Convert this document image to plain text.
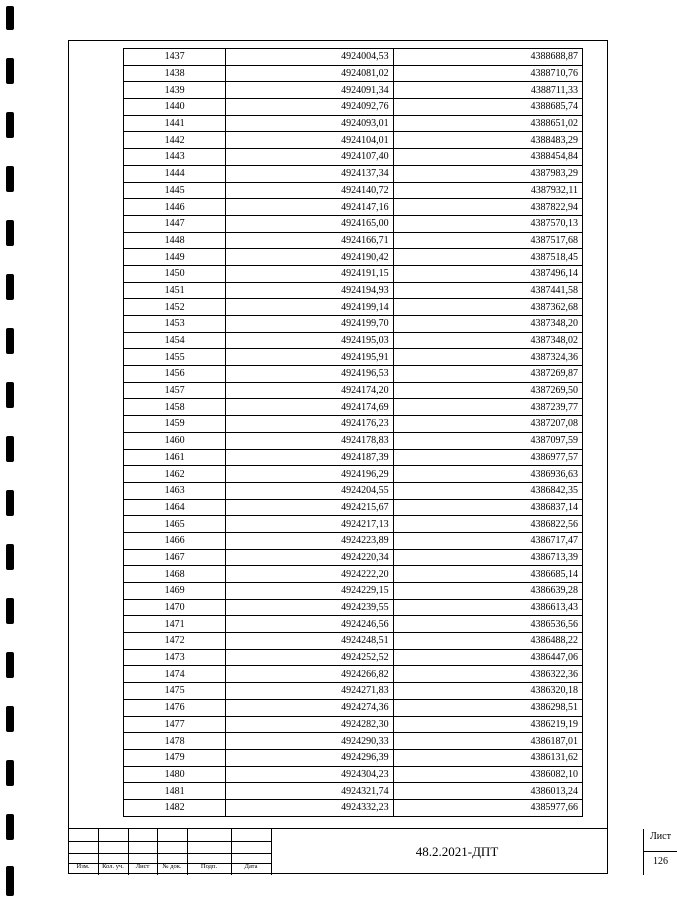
1437	4924004,53	4388688,87
1438	4924081,02	4388710,76
1439	4924091,34	4388711,33
1440	4924092,76	4388685,74
1441	4924093,01	4388651,02
1442	4924104,01	4388483,29
1443	4924107,40	4388454,84
1444	4924137,34	4387983,29
1445	4924140,72	4387932,11
1446	4924147,16	4387822,94
1447	4924165,00	4387570,13
1448	4924166,71	4387517,68
1449	4924190,42	4387518,45
1450	4924191,15	4387496,14
1451	4924194,93	4387441,58
1452	4924199,14	4387362,68
1453	4924199,70	4387348,20
1454	4924195,03	4387348,02
1455	4924195,91	4387324,36
1456	4924196,53	4387269,87
1457	4924174,20	4387269,50
1458	4924174,69	4387239,77
1459	4924176,23	4387207,08
1460	4924178,83	4387097,59
1461	4924187,39	4386977,57
1462	4924196,29	4386936,63
1463	4924204,55	4386842,35
1464	4924215,67	4386837,14
1465	4924217,13	4386822,56
1466	4924223,89	4386717,47
1467	4924220,34	4386713,39
1468	4924222,20	4386685,14
1469	4924229,15	4386639,28
1470	4924239,55	4386613,43
1471	4924246,56	4386536,56
1472	4924248,51	4386488,22
1473	4924252,52	4386447,06
1474	4924266,82	4386322,36
1475	4924271,83	4386320,18
1476	4924274,36	4386298,51
1477	4924282,30	4386219,19
1478	4924290,33	4386187,01
1479	4924296,39	4386131,62
1480	4924304,23	4386082,10
1481	4924321,74	4386013,24
1482	4924332,23	4385977,66
Изм.	Кол. уч.	Лист	№ док.	Подп.	Дата
48.2.2021-ДПТ
Лист
126
